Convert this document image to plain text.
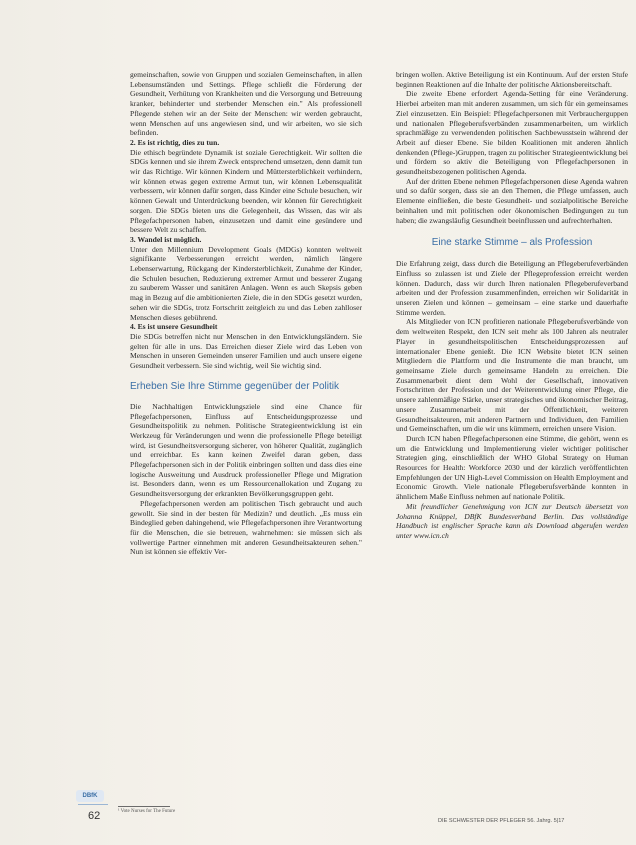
gemeinschaften, sowie von Gruppen und sozialen Gemeinschaften, in allen Lebensumständen und Settings. Pflege schließt die Förderung der Gesundheit, Verhütung von Krankheiten und die Versorgung und Betreuung kranker, behinderter und sterbender Menschen ein." Als professionell Pflegende stehen wir an der Seite der Menschen: wir werden gebraucht, wenn Menschen auf uns angewiesen sind, und wir arbeiten, wo sie sich befinden.

2. Es ist richtig, dies zu tun.

Die ethisch begründete Dynamik ist soziale Gerechtigkeit. Wir sollten die SDGs kennen und sie ihrem Zweck entsprechend umsetzen, denn damit tun wir das Richtige. Wir können Kindern und Müttersterblichkeit verhindern, wir können etwas gegen extreme Armut tun, wir können Lebensqualität verbessern, wir können dafür sorgen, dass Kinder eine Schule besuchen, wir können Gewalt und Unterdrückung beenden, wir können für Gerechtigkeit sorgen. Die SDGs bieten uns die Gelegenheit, das Wissen, das wir als Pflegefachpersonen haben, einzusetzen und damit eine gesündere und bessere Welt zu schaffen.

3. Wandel ist möglich.

Unter den Millennium Development Goals (MDGs) konnten weltweit signifikante Verbesserungen erreicht werden, nämlich längere Lebenserwartung, Rückgang der Kindersterblichkeit, Zunahme der Kinder, die Schulen besuchen, Reduzierung extremer Armut und besserer Zugang zu sauberem Wasser und sanitären Anlagen. Wenn es auch Skepsis geben mag in Bezug auf die ambitionierten Ziele, die in den SDGs gesetzt wurden, sehen wir die SDGs, trotz Fortschritt zeitgleich zu und das Leben zahlloser Menschen dieses gebührend.

4. Es ist unsere Gesundheit

Die SDGs betreffen nicht nur Menschen in den Entwicklungsländern. Sie gelten für alle in uns. Das Erreichen dieser Ziele wird das Leben von Menschen in unseren Gemeinden unserer Familien und auch unsere eigene Gesundheit verbessern. Sie sind wichtig, weil Sie wichtig sind.

Erheben Sie Ihre Stimme gegenüber der Politik

Die Nachhaltigen Entwicklungsziele sind eine Chance für Pflegefachpersonen, Einfluss auf Entscheidungsprozesse und Gesundheitspolitik zu nehmen. Politische Strategieentwicklung ist ein Werkzeug für Veränderungen und wenn die professionelle Pflege beteiligt wird, ist Gesundheitsversorgung sicherer, von höherer Qualität, zugänglich und erreichbar. Es kann keinen Zweifel daran geben, dass Pflegefachpersonen sich in der Politik einbringen sollten und dass dies eine logische Ausweitung und Ausdruck professioneller Pflege und Migration ist. Besonders dann, wenn es um Ressourcenallokation und Zugang zu Gesundheitsversorgung der erkrankten Bevölkerungsgruppen geht.

Pflegefachpersonen werden am politischen Tisch gebraucht und auch gewollt. Sie sind in der besten für Medizin? und deutlich. „Es muss ein Bindeglied geben dahingehend, wie Pflegefachpersonen ihre Verantwortung für die Menschen, die sie betreuen, wahrnehmen: sie müssen sich als vollwertige Partner einnehmen mit anderen Gesundheitsakteuren sehen." Nun ist können sie effektiv Ver-

bringen wollen. Aktive Beteiligung ist ein Kontinuum. Auf der ersten Stufe beginnen Reaktionen auf die Inhalte der politische Aktionsbereitschaft.

Die zweite Ebene erfordert Agenda-Setting für eine Veränderung. Hierbei arbeiten man mit anderen zusammen, um sich für ein gemeinsames Ziel einzusetzen. Ein Beispiel: Pflegefachpersonen mit Verbraucherguppen und nationalen Pflegeberufsverbänden zusammenarbeiten, um wirklich sprachmäßige zu verwendenden politischen Sachbewusstsein während der Arbeit auf dieser Ebene. Sie bilden Koalitionen mit anderen ähnlich denkenden (Pflege-)Gruppen, tragen zu politischer Strategieentwicklung bei und fördern so aktiv die Beteiligung von Pflegefachpersonen in gesundheitsbezogenen politischen Agenda.

Auf der dritten Ebene nehmen Pflegefachpersonen diese Agenda wahren und so dafür sorgen, dass sie an den Themen, die Pflege umfassen, auch Elemente einfließen, die beste Gesundheit- und sozialpolitische Bereiche beinhalten und mit politischen oder ökonomischen Bedingungen zu tun haben; die zwangsläufig Gesundheit beeinflussen und aufrechterhalten.

Eine starke Stimme – als Profession

Die Erfahrung zeigt, dass durch die Beteiligung an Pflegeberufeverbänden Einfluss so zulassen ist und Ziele der Pflegeprofession erreicht werden können. Dadurch, dass wir durch Ihren nationalen Pflegeberufeverband arbeiten und der Profession zusammenfinden, erreichen wir Solidarität in unseren Zielen und können – gemeinsam – eine starke und dauerhafte Stimme werden.

Als Mitglieder von ICN profitieren nationale Pflegeberufsverbände von dem weltweiten Respekt, den ICN seit mehr als 100 Jahren als neutraler Player in gesundheitspolitischen Entscheidungsprozessen auf internationaler Ebene genießt. Die ICN Website bietet ICN seinen Mitgliedern die Plattform und die Instrumente die man braucht, um gemeinsame Ziele durch gemeinsame Handeln zu erreichen. Die Zusammenarbeit dient dem Wohl der Gesellschaft, innovativen Fortschritten der Profession und der Weiterentwicklung einer Pflege, die unsere zahlenmäßige Stärke, unser strategisches und ökonomischer Beitrag, unsere Zusammenarbeit mit der Öffentlichkeit, weiteren Gesundheitsakteuren, mit anderen Partnern und Individuen, den Familien und Gemeinschaften, um die wir uns kümmern, erreichen unsere Vision.

Durch ICN haben Pflegefachpersonen eine Stimme, die gehört, wenn es um die Entwicklung und Implementierung vieler wichtiger politischer Strategien ging, einschließlich der WHO Global Strategy on Human Resources for Health: Workforce 2030 und der kürzlich veröffentlichten Empfehlungen der UN High-Level Commission on Health Employment and Economic Growth. Viele nationale Pflegeberufsverbände konnten in ähnlichem Maße Einfluss nehmen auf nationale Politik.

Mit freundlicher Genehmigung von ICN zur Deutsch übersetzt von Johanna Knüppel, DBfK Bundesverband Berlin. Das vollständige Handbuch ist englischer Sprache kann als Download abgerufen werden unter www.icn.ch

DBfK
62	¹ Vote Nurses for The Future
DIE SCHWESTER DER PFLEGER 56. Jahrg. 5|17
